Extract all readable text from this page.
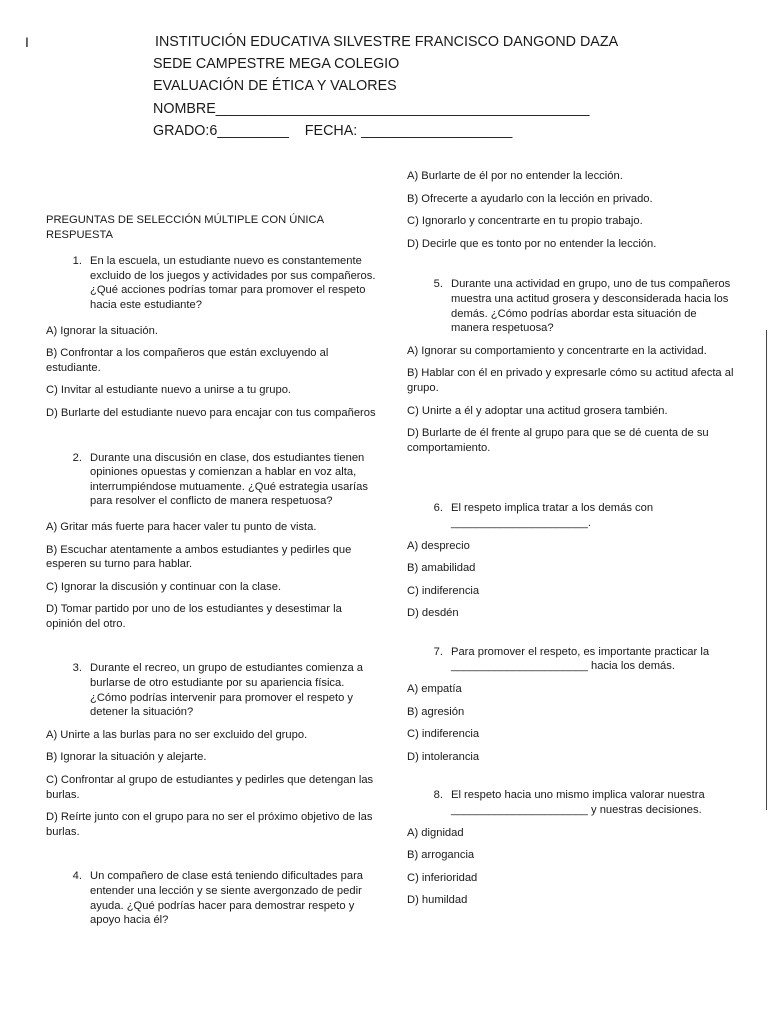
I	INSTITUCIÓN EDUCATIVA SILVESTRE FRANCISCO DANGOND DAZA
SEDE CAMPESTRE MEGA COLEGIO
EVALUACIÓN DE ÉTICA Y VALORES
NOMBRE_______________________________________________
GRADO:6_________    FECHA: ___________________
PREGUNTAS DE SELECCIÓN MÚLTIPLE CON ÚNICA RESPUESTA
1. En la escuela, un estudiante nuevo es constantemente excluido de los juegos y actividades por sus compañeros. ¿Qué acciones podrías tomar para promover el respeto hacia este estudiante?
A) Ignorar la situación.
B) Confrontar a los compañeros que están excluyendo al estudiante.
C) Invitar al estudiante nuevo a unirse a tu grupo.
D) Burlarte del estudiante nuevo para encajar con tus compañeros
2. Durante una discusión en clase, dos estudiantes tienen opiniones opuestas y comienzan a hablar en voz alta, interrumpiéndose mutuamente. ¿Qué estrategia usarías para resolver el conflicto de manera respetuosa?
A) Gritar más fuerte para hacer valer tu punto de vista.
B) Escuchar atentamente a ambos estudiantes y pedirles que esperen su turno para hablar.
C) Ignorar la discusión y continuar con la clase.
D) Tomar partido por uno de los estudiantes y desestimar la opinión del otro.
3. Durante el recreo, un grupo de estudiantes comienza a burlarse de otro estudiante por su apariencia física. ¿Cómo podrías intervenir para promover el respeto y detener la situación?
A) Unirte a las burlas para no ser excluido del grupo.
B) Ignorar la situación y alejarte.
C) Confrontar al grupo de estudiantes y pedirles que detengan las burlas.
D) Reírte junto con el grupo para no ser el próximo objetivo de las burlas.
4. Un compañero de clase está teniendo dificultades para entender una lección y se siente avergonzado de pedir ayuda. ¿Qué podrías hacer para demostrar respeto y apoyo hacia él?
A) Burlarte de él por no entender la lección.
B) Ofrecerte a ayudarlo con la lección en privado.
C) Ignorarlo y concentrarte en tu propio trabajo.
D) Decirle que es tonto por no entender la lección.
5. Durante una actividad en grupo, uno de tus compañeros muestra una actitud grosera y desconsiderada hacia los demás. ¿Cómo podrías abordar esta situación de manera respetuosa?
A) Ignorar su comportamiento y concentrarte en la actividad.
B) Hablar con él en privado y expresarle cómo su actitud afecta al grupo.
C) Unirte a él y adoptar una actitud grosera también.
D) Burlarte de él frente al grupo para que se dé cuenta de su comportamiento.
6. El respeto implica tratar a los demás con ______________________.
A) desprecio
B) amabilidad
C) indiferencia
D) desdén
7. Para promover el respeto, es importante practicar la ______________________ hacia los demás.
A) empatía
B) agresión
C) indiferencia
D) intolerancia
8. El respeto hacia uno mismo implica valorar nuestra ______________________ y nuestras decisiones.
A) dignidad
B) arrogancia
C) inferioridad
D) humildad
